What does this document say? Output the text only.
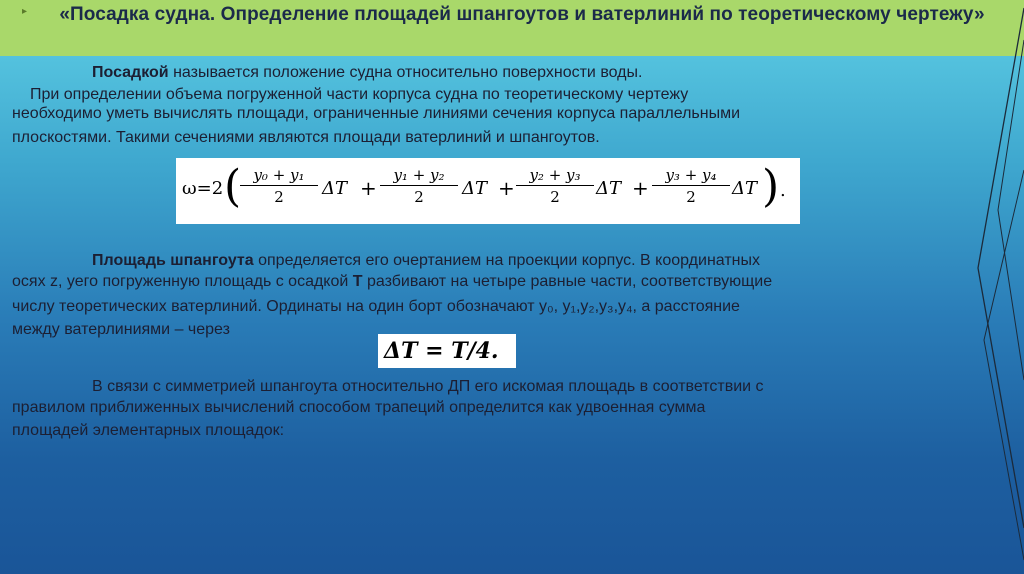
▸	«Посадка судна. Определение площадей шпангоутов и ватерлиний по теоретическому чертежу»

Посадкой называется положение судна относительно поверхности воды.

При определении объема погруженной части корпуса судна по теоретическому чертежу

необходимо уметь вычислять площади, ограниченные линиями сечения корпуса параллельными

плоскостями. Такими сечениями являются площади ватерлиний и шпангоутов.

ω=2 (
$\frac{\text{y₀ + y₁}}{2}$ $\Delta T + \frac{\text{y₁ + y₂}}{2}$ $\Delta T + \frac{\text{y₂ + y₃}}{2}$ $\Delta T + \frac{\text{y₃ + y₄}}{2}$ ΔT ) .

Площадь шпангоута определяется его очертанием на проекции корпус. В координатных

осях z, уего погруженную площадь с осадкой T разбивают на четыре равные части, соответствующие

числу теоретических ватерлиний. Ординаты на один борт обозначают y₀, y₁,y₂,y₃,y₄, а расстояние

между ватерлиниями – через

ΔT = T/4.

В связи с симметрией шпангоута относительно ДП его искомая площадь в соответствии с

правилом приближенных вычислений способом трапеций определится как удвоенная сумма

площадей элементарных площадок:
